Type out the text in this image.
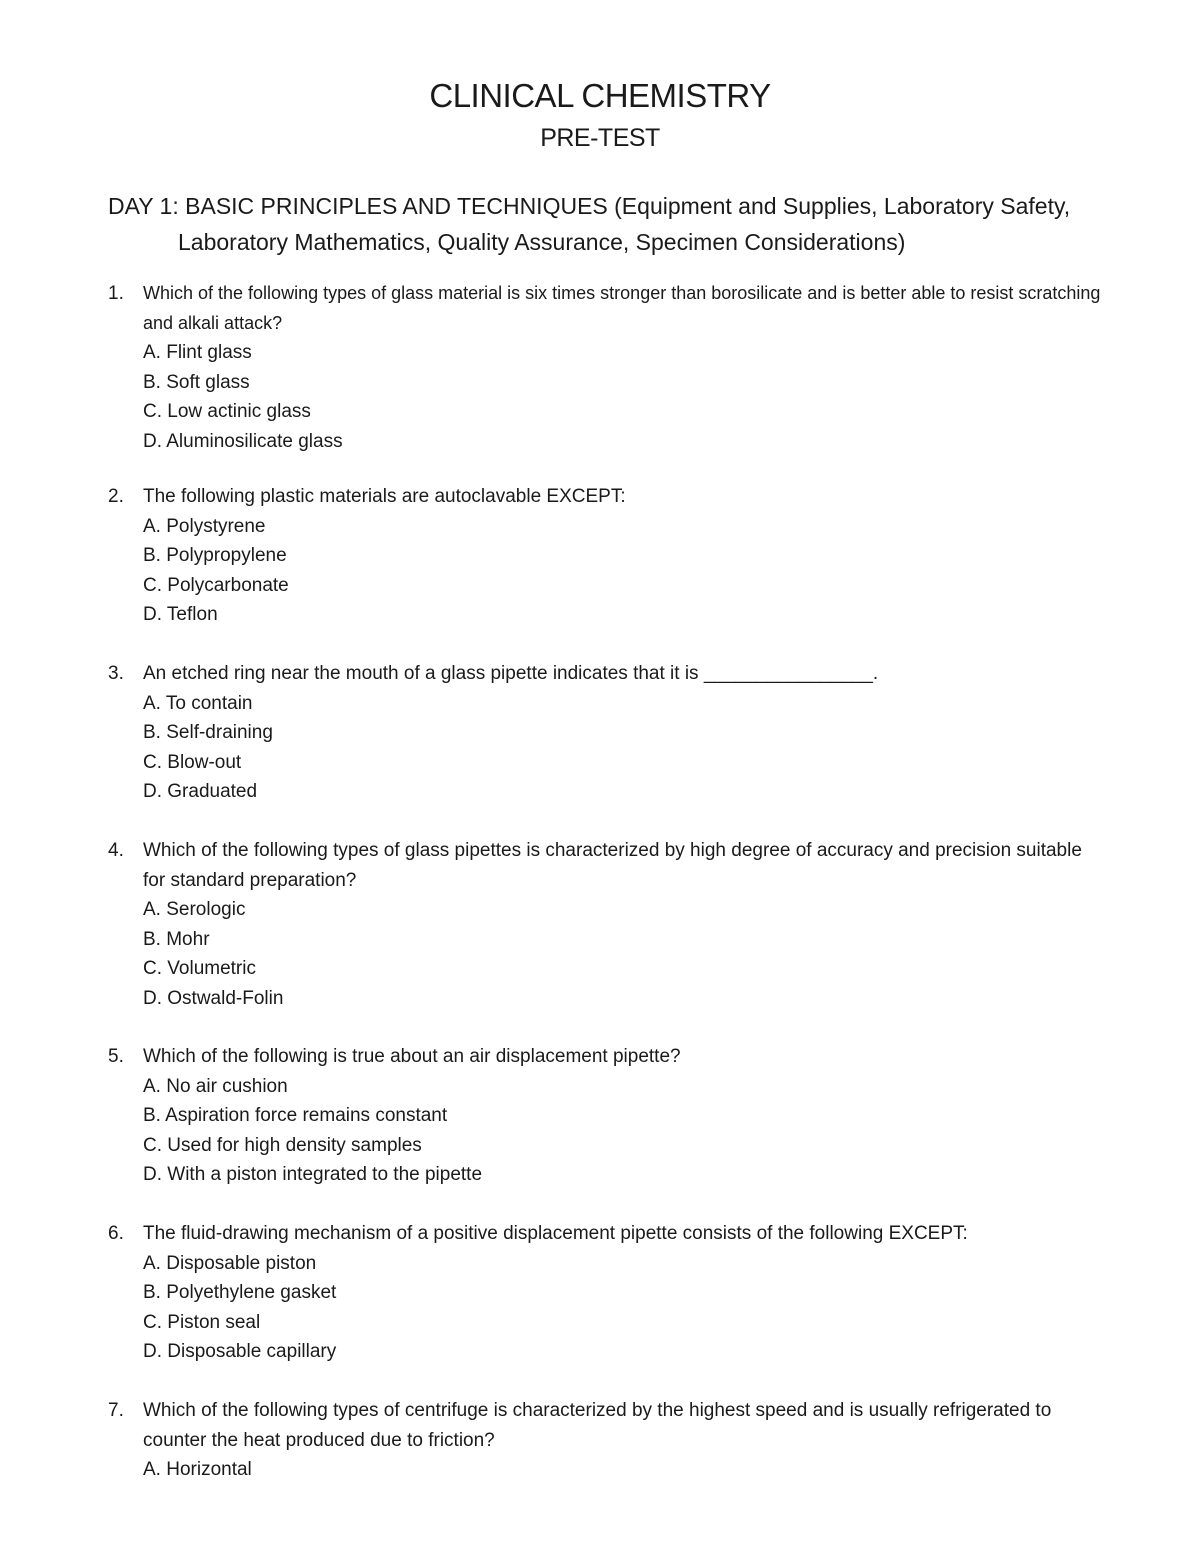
CLINICAL CHEMISTRY
PRE-TEST
DAY 1: BASIC PRINCIPLES AND TECHNIQUES (Equipment and Supplies, Laboratory Safety, Laboratory Mathematics, Quality Assurance, Specimen Considerations)
1.	Which of the following types of glass material is six times stronger than borosilicate and is better able to resist scratching and alkali attack?
A. Flint glass
B. Soft glass
C. Low actinic glass
D. Aluminosilicate glass
2.	The following plastic materials are autoclavable EXCEPT:
A. Polystyrene
B. Polypropylene
C. Polycarbonate
D. Teflon
3.	An etched ring near the mouth of a glass pipette indicates that it is ________________.
A. To contain
B. Self-draining
C. Blow-out
D. Graduated
4.	Which of the following types of glass pipettes is characterized by high degree of accuracy and precision suitable for standard preparation?
A. Serologic
B. Mohr
C. Volumetric
D. Ostwald-Folin
5.	Which of the following is true about an air displacement pipette?
A. No air cushion
B. Aspiration force remains constant
C. Used for high density samples
D. With a piston integrated to the pipette
6.	The fluid-drawing mechanism of a positive displacement pipette consists of the following EXCEPT:
A. Disposable piston
B. Polyethylene gasket
C. Piston seal
D. Disposable capillary
7.	Which of the following types of centrifuge is characterized by the highest speed and is usually refrigerated to counter the heat produced due to friction?
A. Horizontal
